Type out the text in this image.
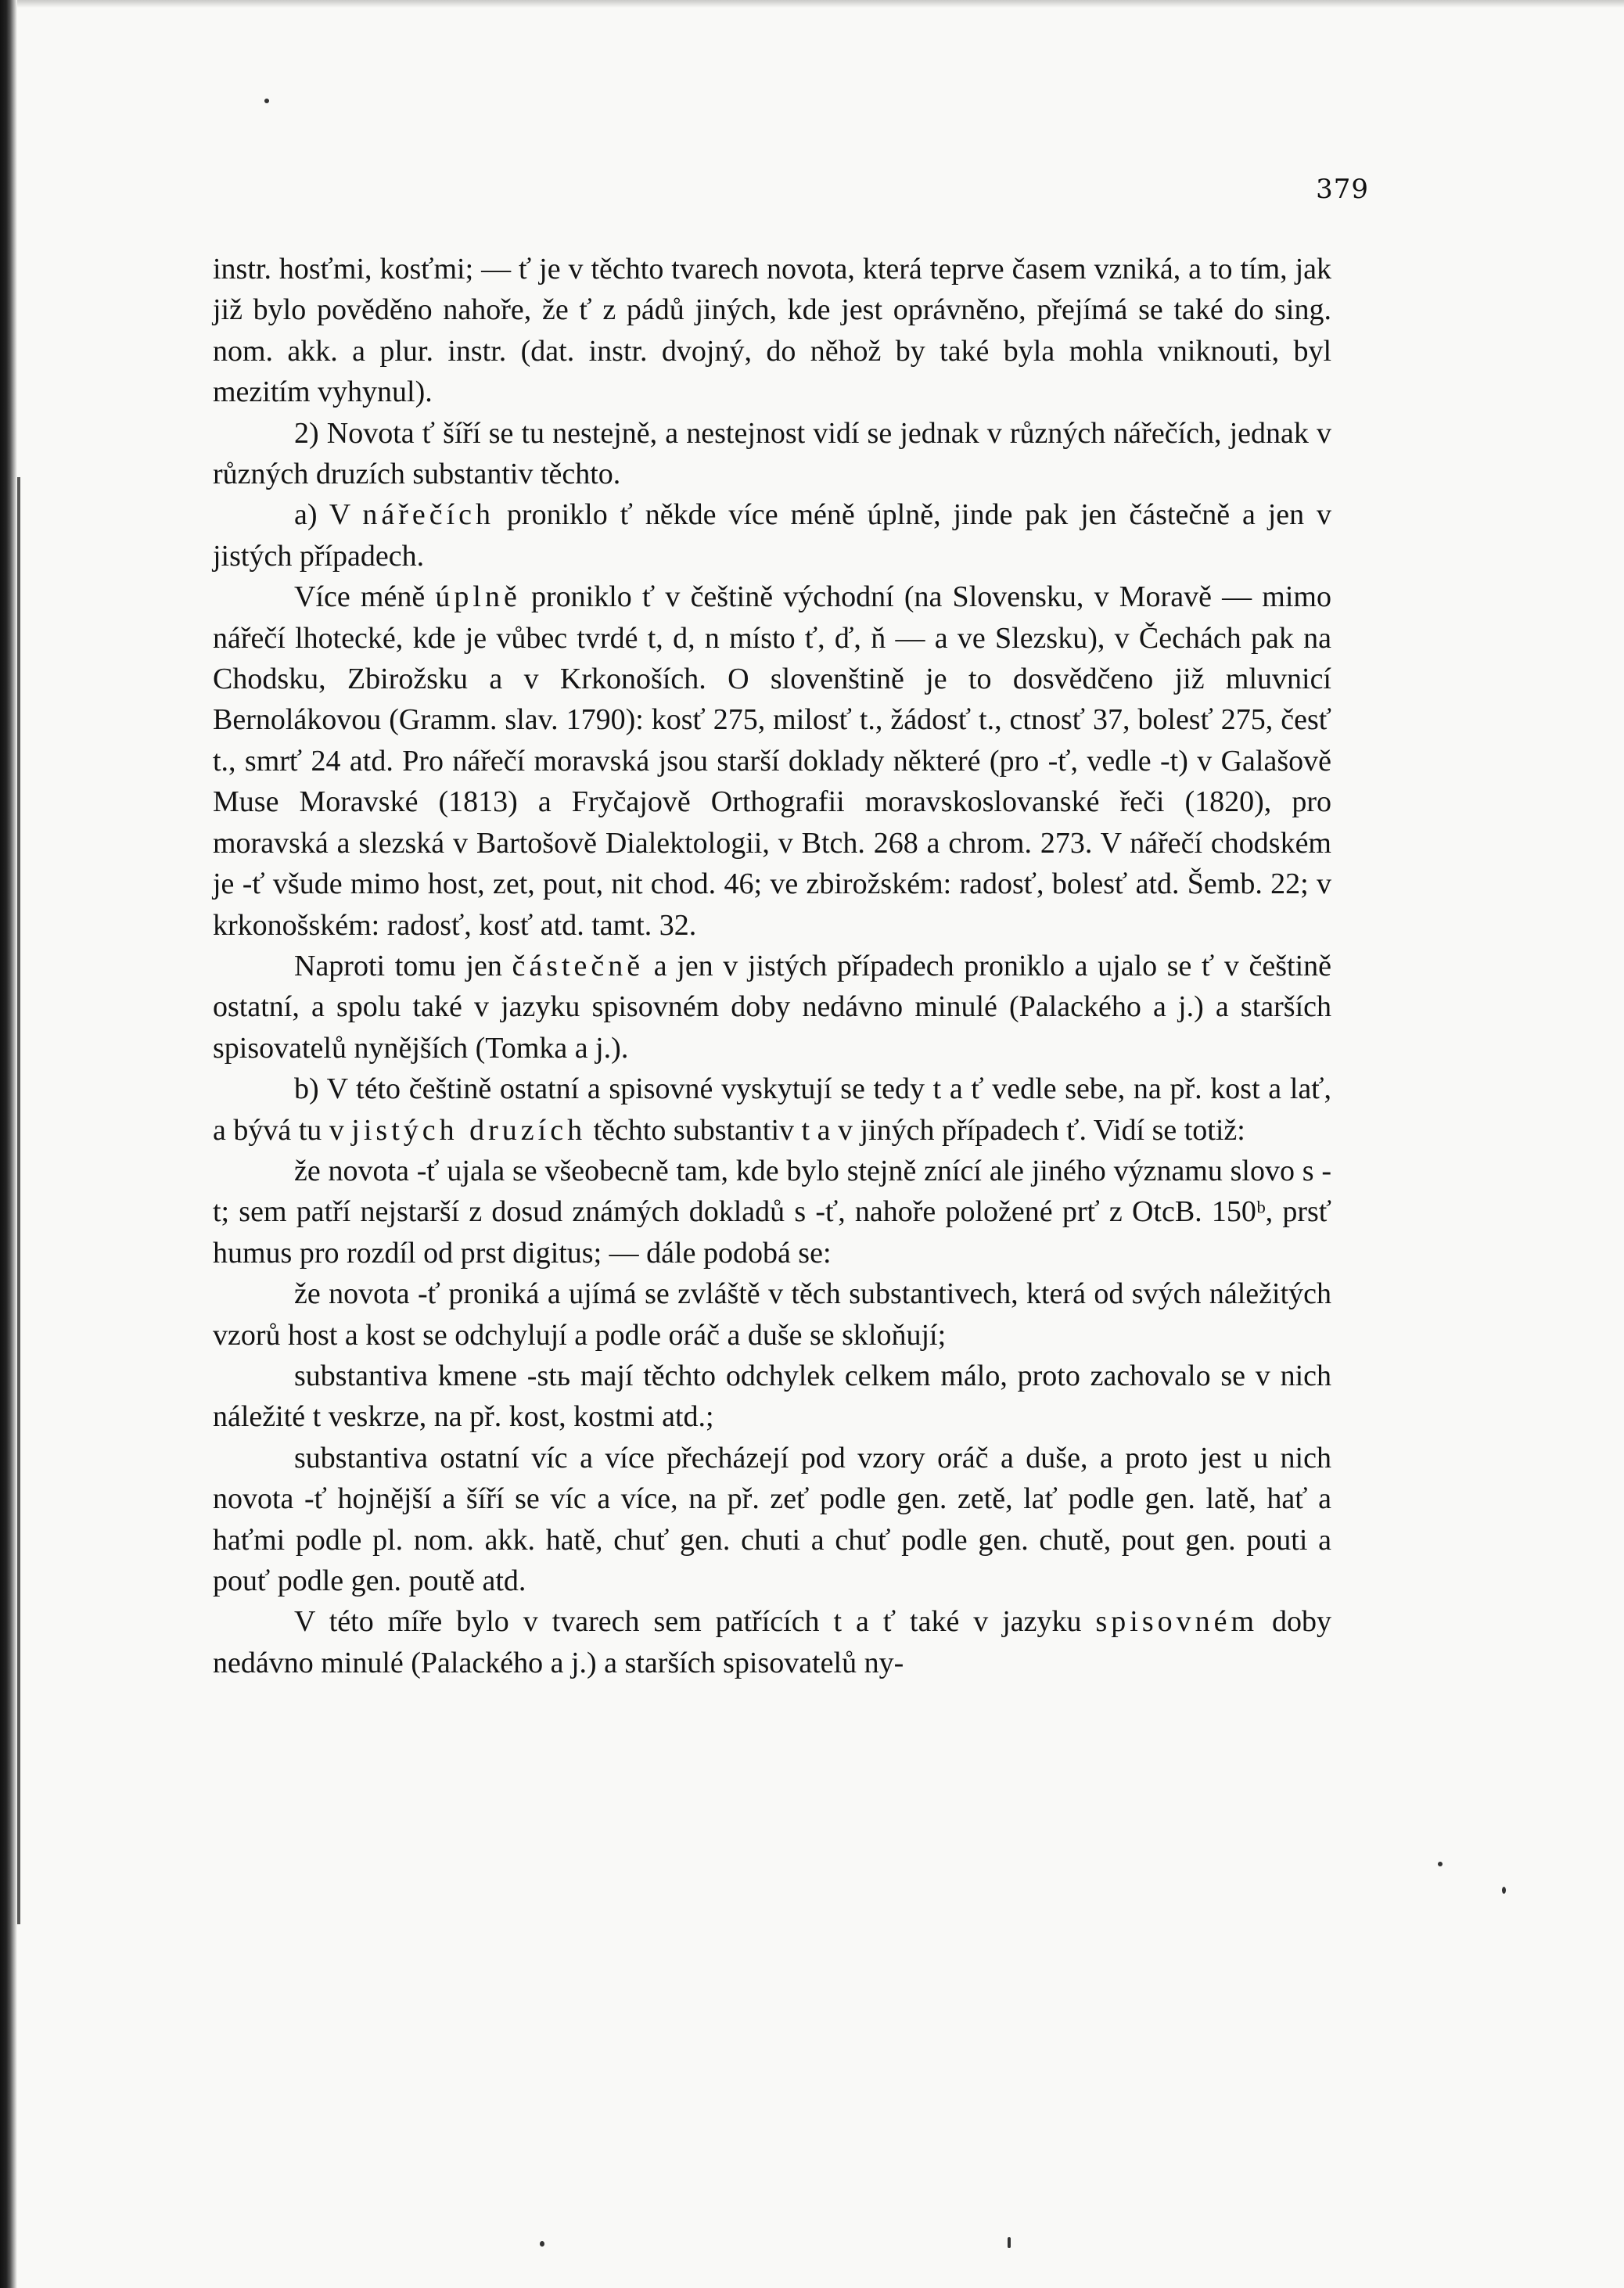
379

instr. hosťmi, kosťmi; — ť je v těchto tvarech novota, která teprve časem vzniká, a to tím, jak již bylo pověděno nahoře, že ť z pádů jiných, kde jest oprávněno, přejímá se také do sing. nom. akk. a plur. instr. (dat. instr. dvojný, do něhož by také byla mohla vniknouti, byl mezitím vyhynul).

2) Novota ť šíří se tu nestejně, a nestejnost vidí se jednak v různých nářečích, jednak v různých druzích substantiv těchto.

a) V nářečích proniklo ť někde více méně úplně, jinde pak jen částečně a jen v jistých případech.

Více méně úplně proniklo ť v češtině východní (na Slovensku, v Moravě — mimo nářečí lhotecké, kde je vůbec tvrdé t, d, n místo ť, ď, ň — a ve Slezsku), v Čechách pak na Chodsku, Zbirožsku a v Krkonoších. O slovenštině je to dosvědčeno již mluvnicí Bernolákovou (Gramm. slav. 1790): kosť 275, milosť t., žádosť t., ctnosť 37, bolesť 275, česť t., smrť 24 atd. Pro nářečí moravská jsou starší doklady některé (pro -ť, vedle -t) v Galašově Muse Moravské (1813) a Fryčajově Orthografii moravskoslovanské řeči (1820), pro moravská a slezská v Bartošově Dialektologii, v Btch. 268 a chrom. 273. V nářečí chodském je -ť všude mimo host, zet, pout, nit chod. 46; ve zbirožském: radosť, bolesť atd. Šemb. 22; v krkonošském: radosť, kosť atd. tamt. 32.

Naproti tomu jen částečně a jen v jistých případech proniklo a ujalo se ť v češtině ostatní, a spolu také v jazyku spisovném doby nedávno minulé (Palackého a j.) a starších spisovatelů nynějších (Tomka a j.).

b) V této češtině ostatní a spisovné vyskytují se tedy t a ť vedle sebe, na př. kost a lať, a bývá tu v jistých druzích těchto substantiv t a v jiných případech ť. Vidí se totiž:

že novota -ť ujala se všeobecně tam, kde bylo stejně znící ale jiného významu slovo s -t; sem patří nejstarší z dosud známých dokladů s -ť, nahoře položené prť z OtcB. 150ᵇ, prsť humus pro rozdíl od prst digitus; — dále podobá se:

že novota -ť proniká a ujímá se zvláště v těch substantivech, která od svých náležitých vzorů host a kost se odchylují a podle oráč a duše se skloňují;

substantiva kmene -stь mají těchto odchylek celkem málo, proto zachovalo se v nich náležité t veskrze, na př. kost, kostmi atd.;

substantiva ostatní víc a více přecházejí pod vzory oráč a duše, a proto jest u nich novota -ť hojnější a šíří se víc a více, na př. zeť podle gen. zetě, lať podle gen. latě, hať a haťmi podle pl. nom. akk. hatě, chuť gen. chuti a chuť podle gen. chutě, pout gen. pouti a pouť podle gen. poutě atd.

V této míře bylo v tvarech sem patřících t a ť také v jazyku spisovném doby nedávno minulé (Palackého a j.) a starších spisovatelů ny-
